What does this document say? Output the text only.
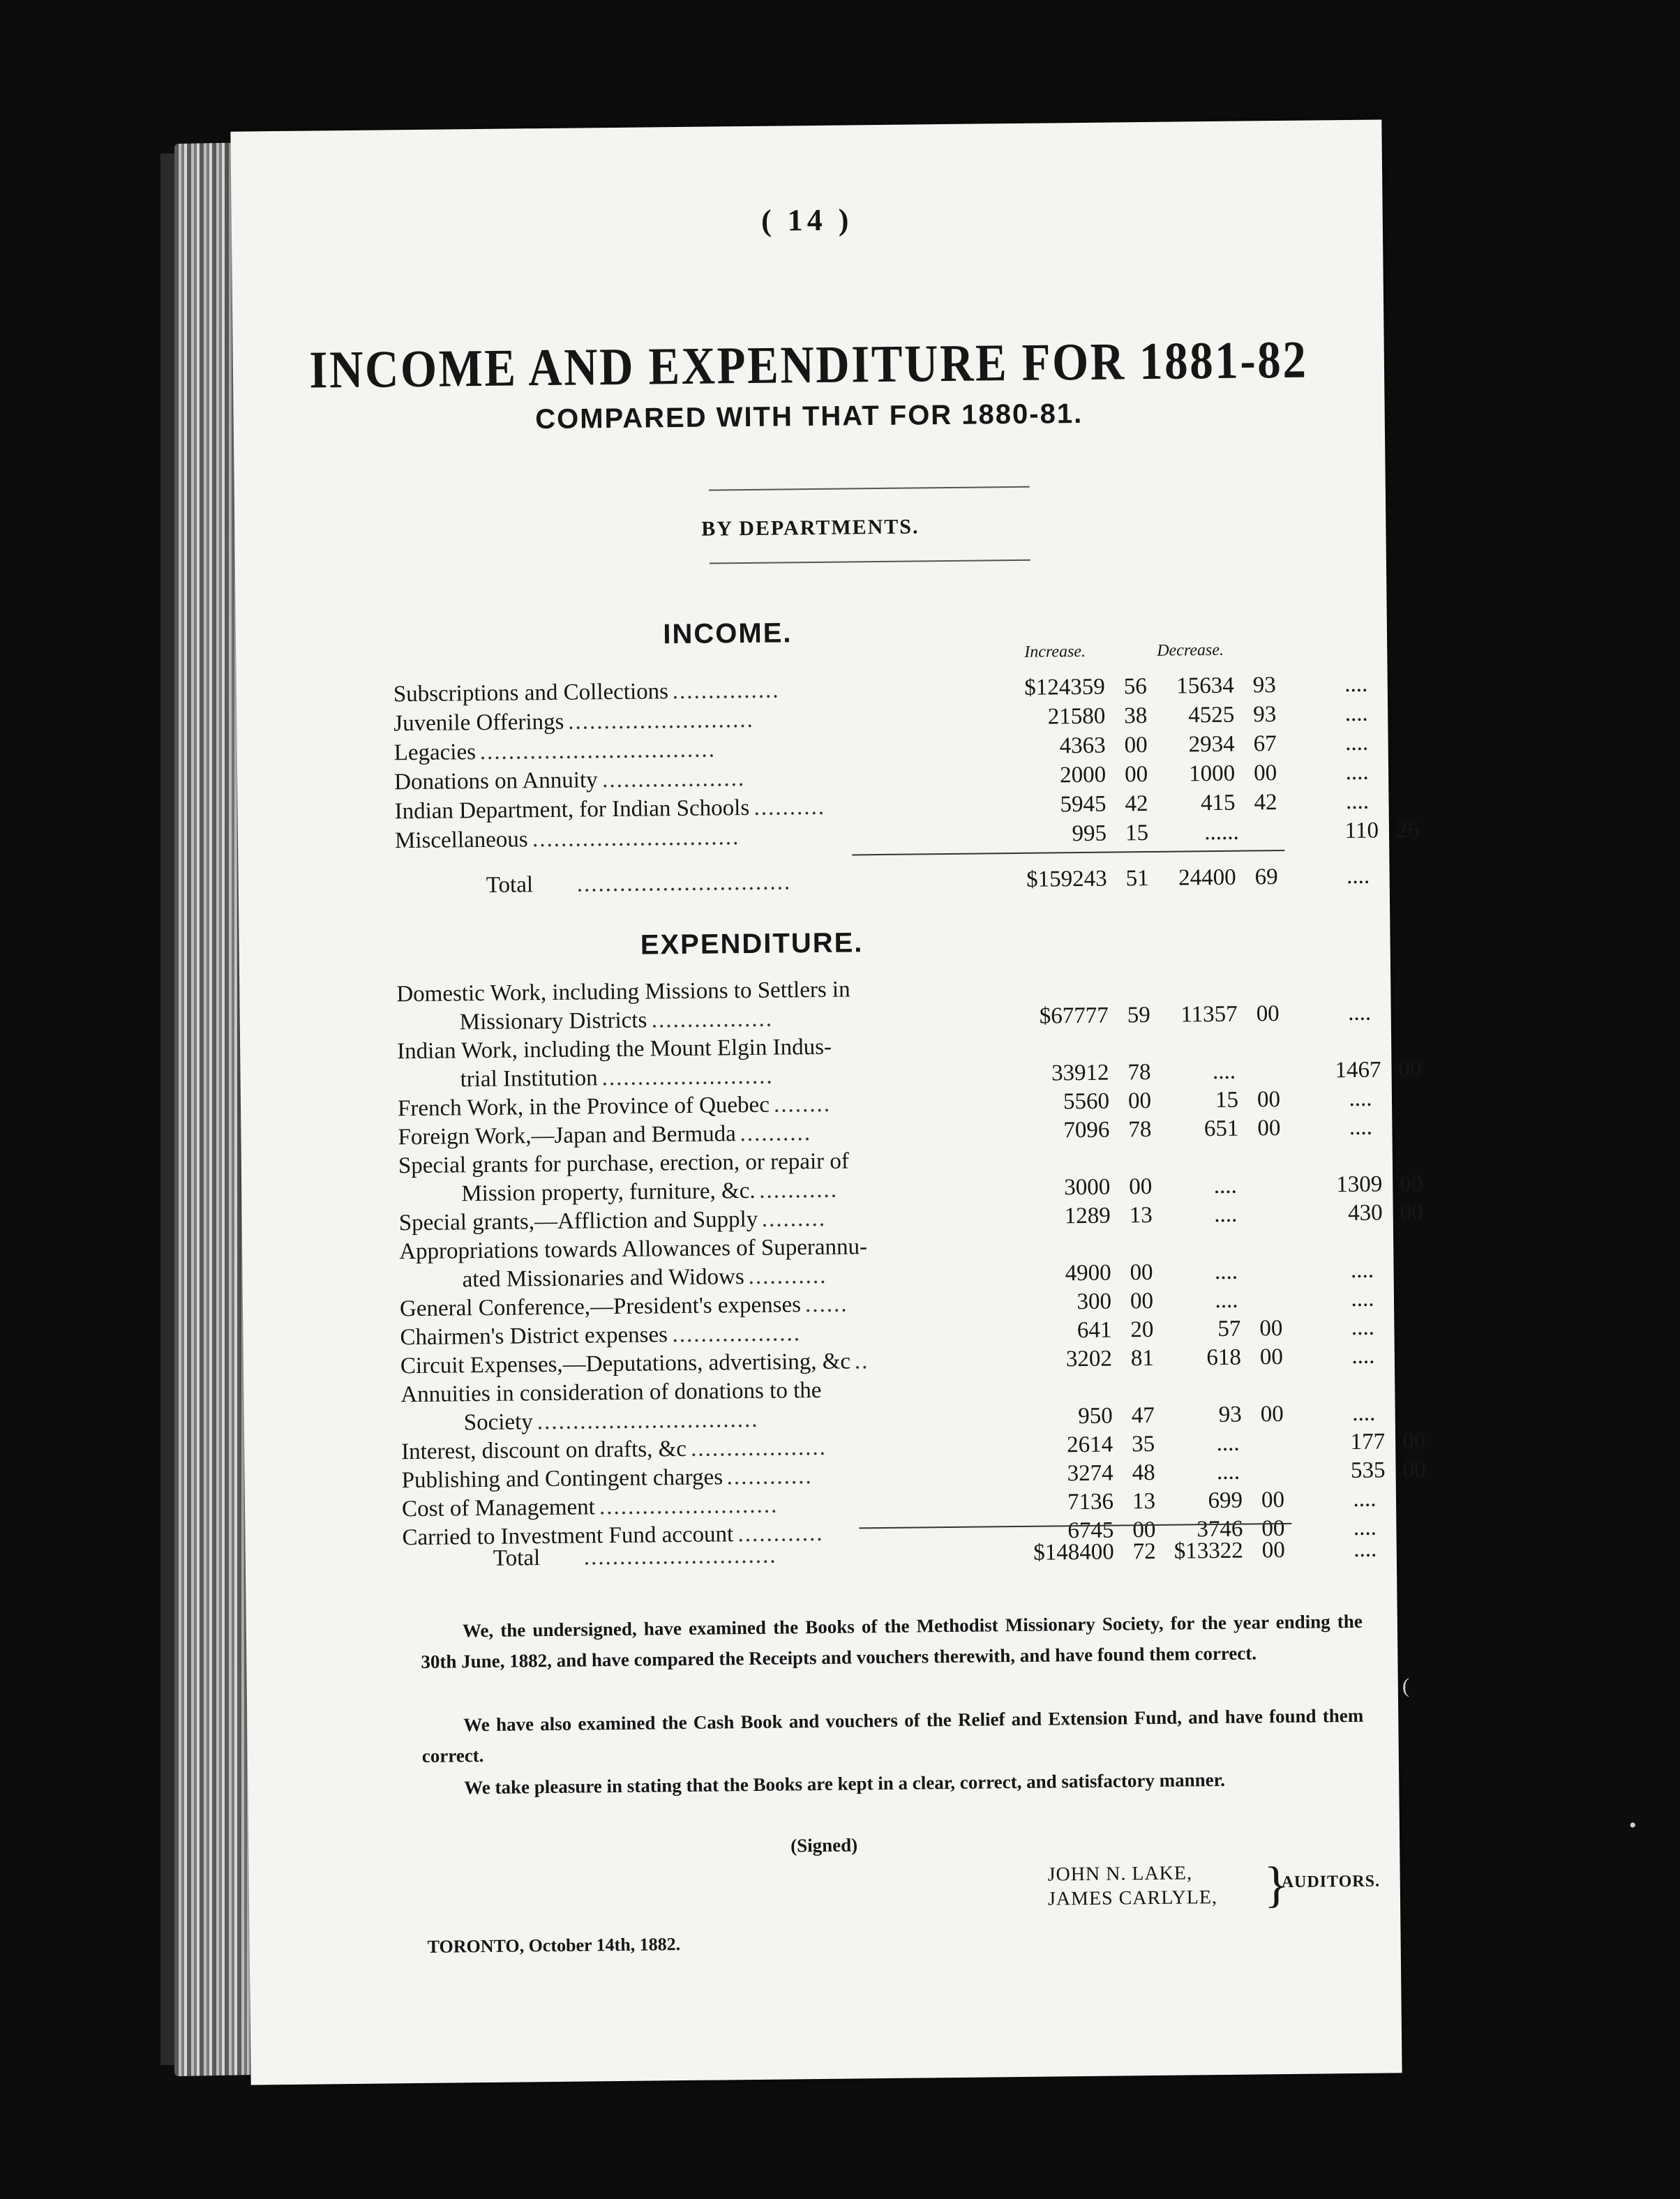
( 14 )
INCOME AND EXPENDITURE FOR 1881-82
COMPARED WITH THAT FOR 1880-81.
BY DEPARTMENTS.
INCOME.
Increase.	Decrease.
Subscriptions and Collections ...............	$124359 56	15634 93	....
Juvenile Offerings ..........................	21580 38	4525 93	....
Legacies .................................	4363 00	2934 67	....
Donations on Annuity ....................	2000 00	1000 00	....
Indian Department, for Indian Schools ..........	5945 42	415 42	....
Miscellaneous .............................	995 15	......	110 26
Total ..............................	$159243 51	24400 69	....
EXPENDITURE.
Domestic Work, including Missions to Settlers in
Missionary Districts .................	$67777 59	11357 00	....
Indian Work, including the Mount Elgin Indus-
trial Institution ........................	33912 78	....	1467 00
French Work, in the Province of Quebec ........	5560 00	15 00	....
Foreign Work,—Japan and Bermuda ..........	7096 78	651 00	....
Special grants for purchase, erection, or repair of
Mission property, furniture, &c. ...........	3000 00	....	1309 00
Special grants,—Affliction and Supply .........	1289 13	....	430 00
Appropriations towards Allowances of Superannu-
ated Missionaries and Widows ...........	4900 00	....	....
General Conference,—President's expenses ......	300 00	....	....
Chairmen's District expenses ..................	641 20	57 00	....
Circuit Expenses,—Deputations, advertising, &c ..	3202 81	618 00	....
Annuities in consideration of donations to the
Society ...............................	950 47	93 00	....
Interest, discount on drafts, &c ...................	2614 35	....	177 00
Publishing and Contingent charges ............	3274 48	....	535 00
Cost of Management .........................	7136 13	699 00	....
Carried to Investment Fund account ............	6745 00	3746 00	....
Total ...........................	$148400 72 $13322 00	....
We, the undersigned, have examined the Books of the Methodist Missionary Society, for the year ending the 30th June, 1882, and have compared the Receipts and vouchers therewith, and have found them correct.
We have also examined the Cash Book and vouchers of the Relief and Extension Fund, and have found them correct.
We take pleasure in stating that the Books are kept in a clear, correct, and satisfactory manner.
(Signed)
JOHN N. LAKE,
JAMES CARLYLE, }
AUDITORS.
TORONTO, October 14th, 1882.
(
•
